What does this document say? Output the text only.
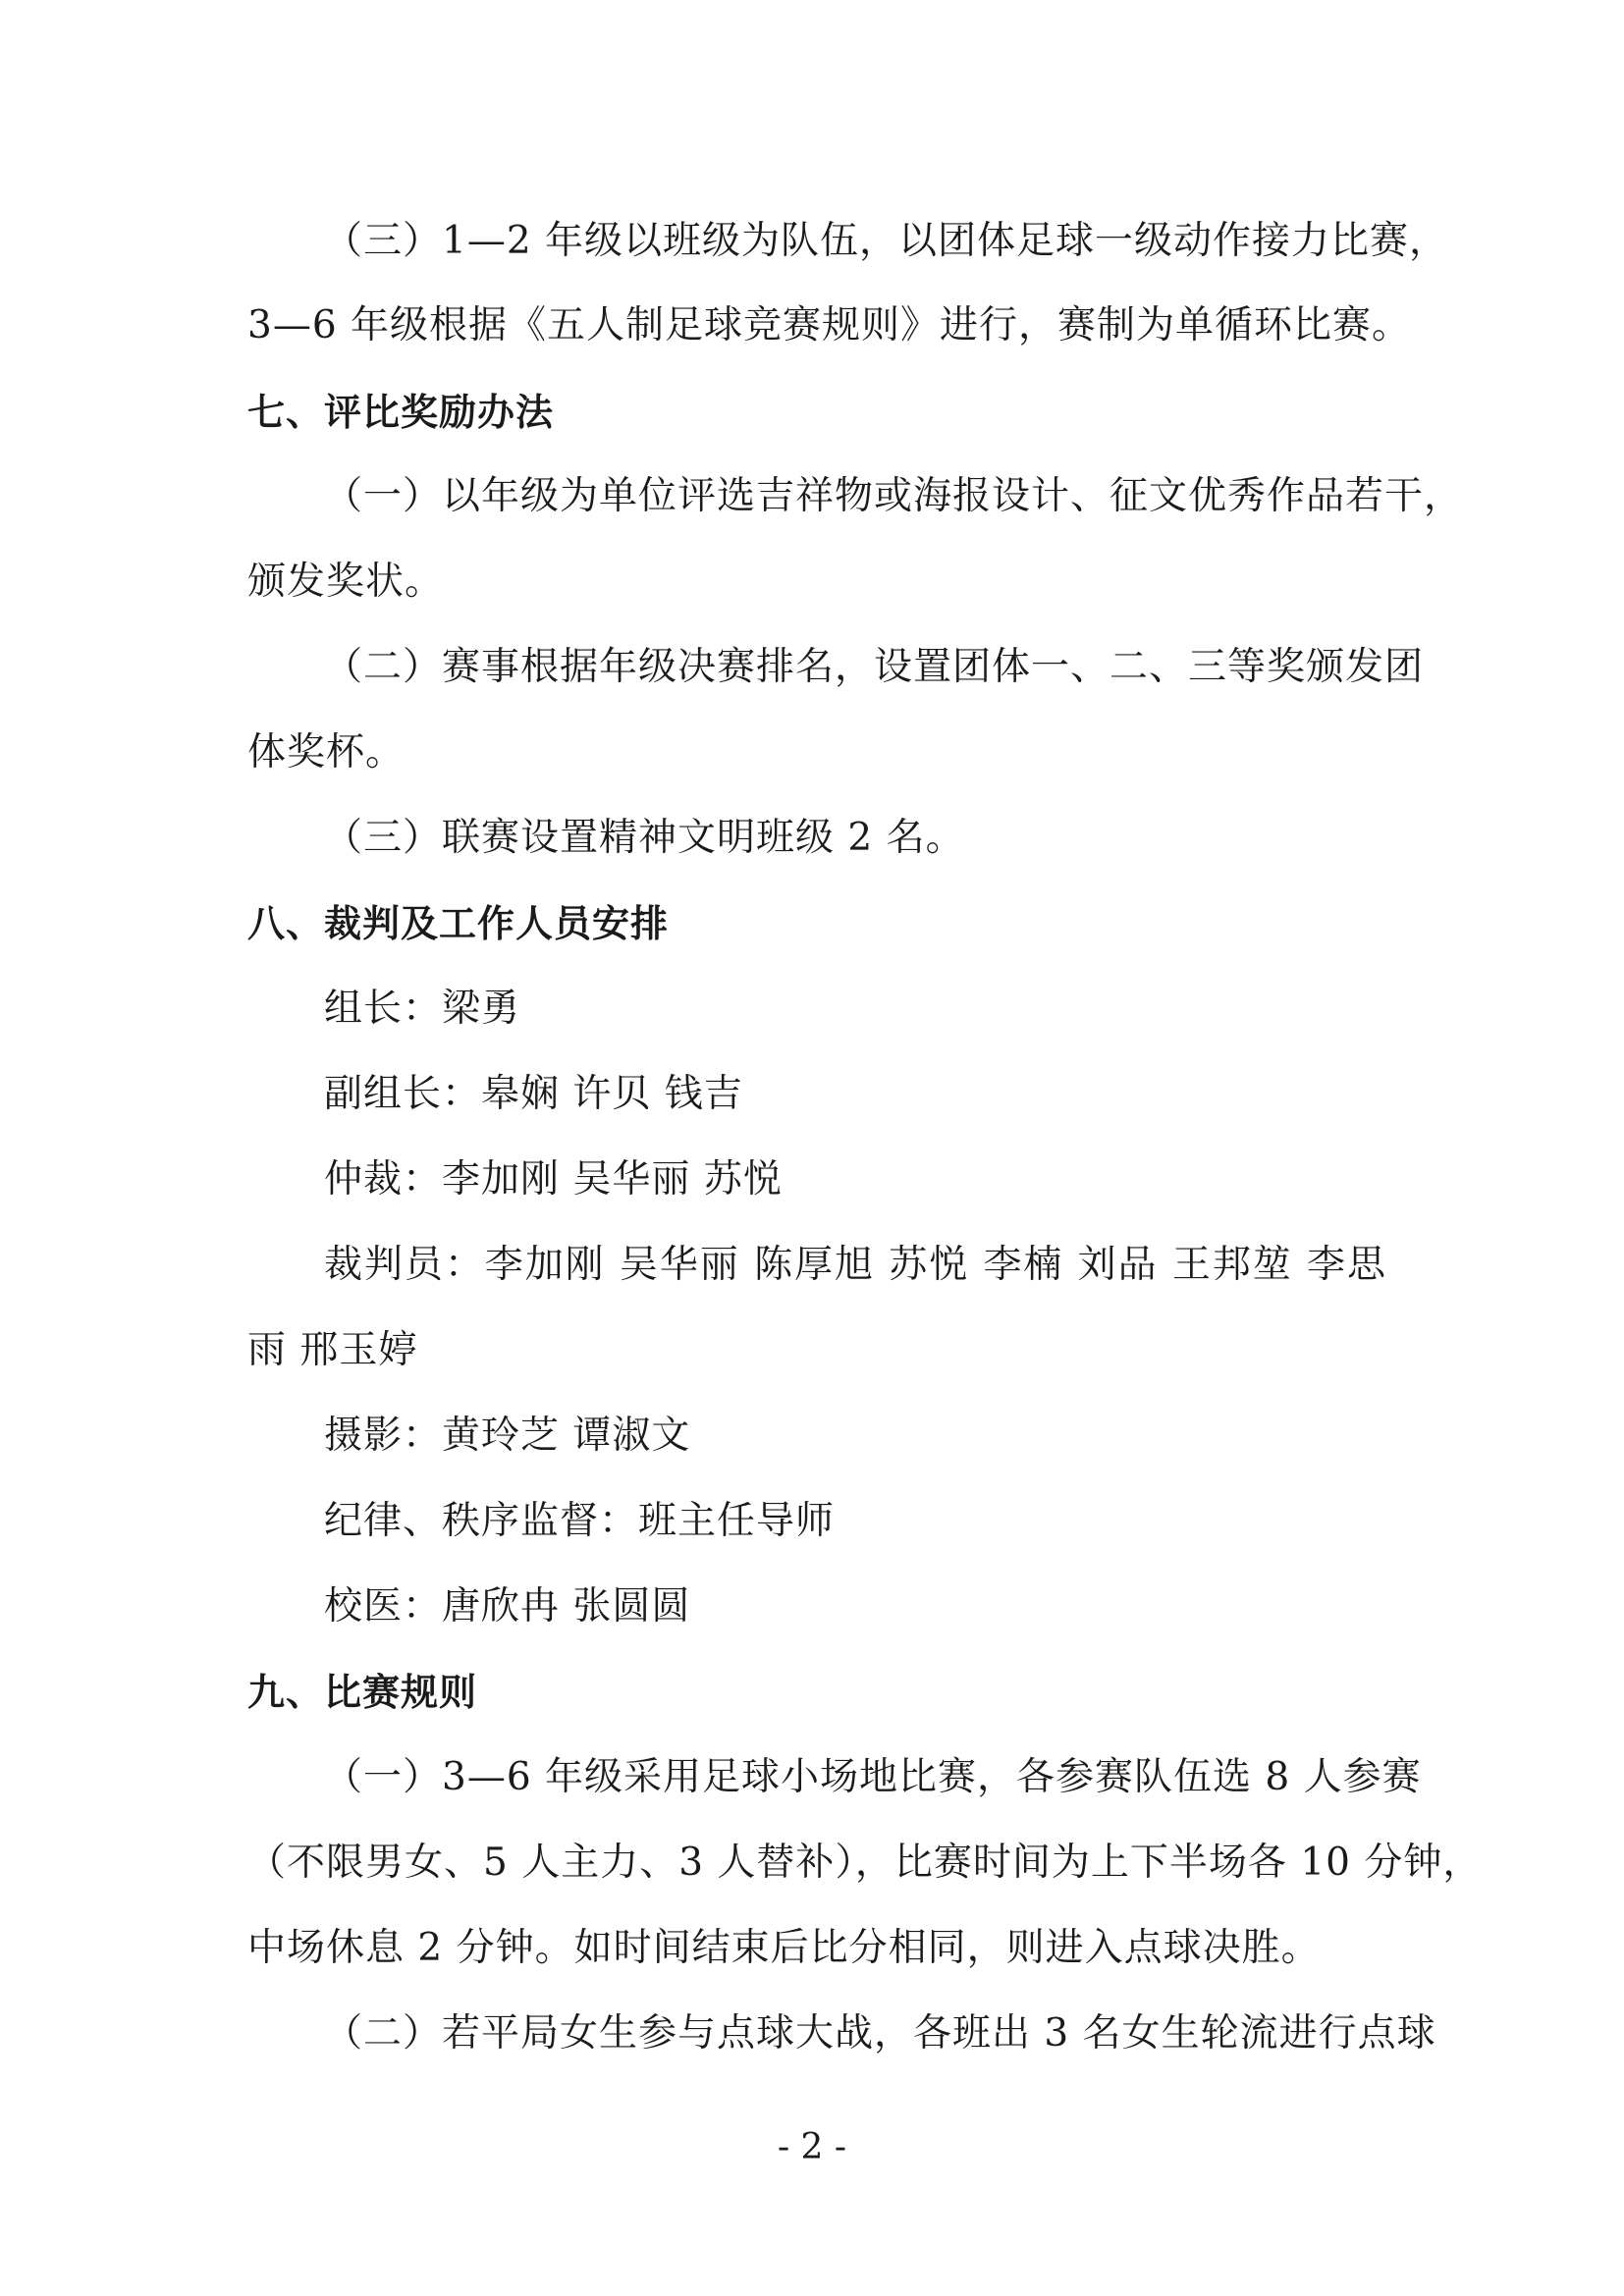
（三）1—2 年级以班级为队伍，以团体足球一级动作接力比赛，
3—6 年级根据《五人制足球竞赛规则》进行，赛制为单循环比赛。
七、评比奖励办法
（一）以年级为单位评选吉祥物或海报设计、征文优秀作品若干，
颁发奖状。
（二）赛事根据年级决赛排名，设置团体一、二、三等奖颁发团
体奖杯。
（三）联赛设置精神文明班级 2 名。
八、裁判及工作人员安排
组长：梁勇
副组长：皋娴 许贝 钱吉
仲裁：李加刚 吴华丽 苏悦
裁判员：李加刚 吴华丽 陈厚旭 苏悦 李楠 刘品 王邦堃 李思
雨 邢玉婷
摄影：黄玲芝 谭淑文
纪律、秩序监督：班主任导师
校医：唐欣冉 张圆圆
九、比赛规则
（一）3—6 年级采用足球小场地比赛，各参赛队伍选 8 人参赛
（不限男女、5 人主力、3 人替补），比赛时间为上下半场各 10 分钟，
中场休息 2 分钟。如时间结束后比分相同，则进入点球决胜。
（二）若平局女生参与点球大战，各班出 3 名女生轮流进行点球
- 2 -
